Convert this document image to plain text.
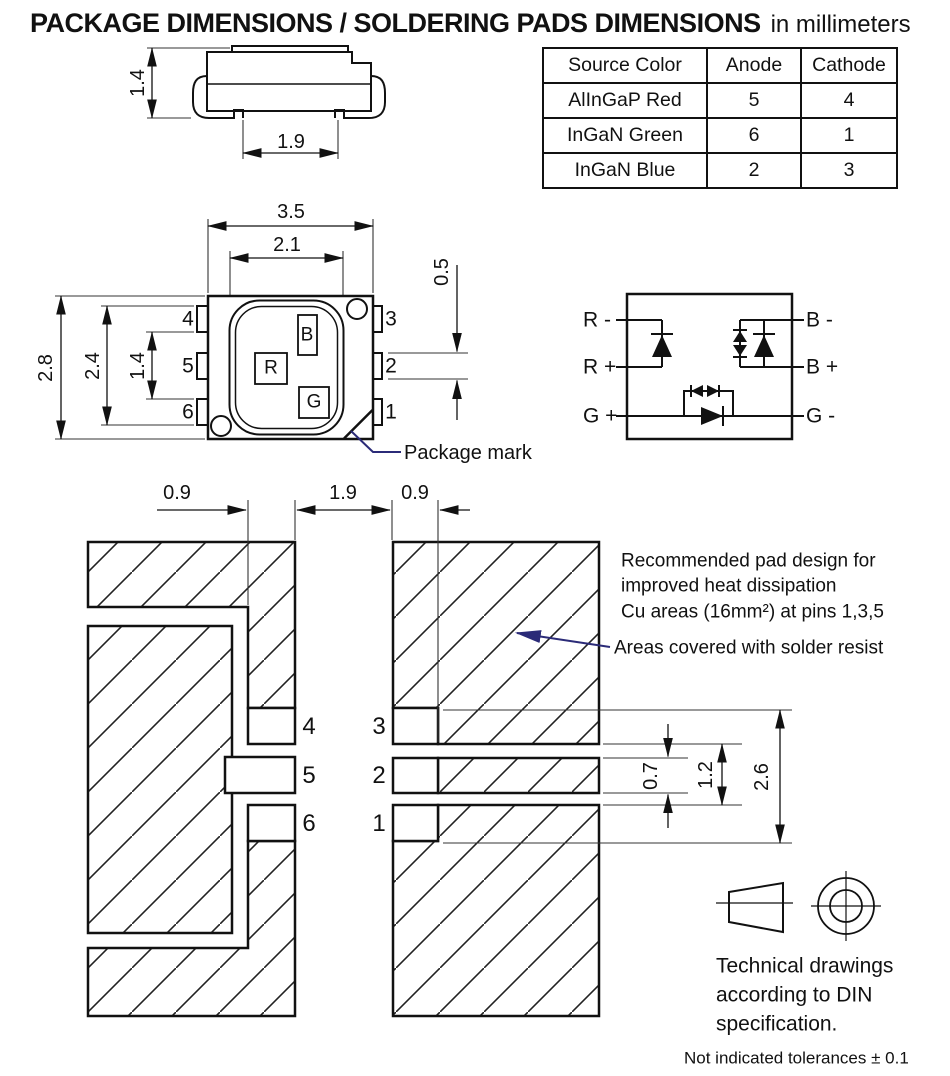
PACKAGE DIMENSIONS / SOLDERING PADS DIMENSIONS in millimeters
Source Color	Anode	Cathode
AlInGaP Red	5	4
InGaN Green	6	1
InGaN Blue	2	3
1.4
1.9
3.5
2.1
2.8 2.4 1.4
0.5
4
5
6
3
2
1
B
R
G
Package mark
R -
R +
G +
B -
B +
G -
0.9	1.9 0.9
0.7 1.2 2.6
4
5
6
3
2
1
Recommended pad design for
improved heat dissipation
Cu areas (16mm²) at pins 1,3,5
Areas covered with solder resist
Technical drawings
according to DIN
specification.
Not indicated tolerances ± 0.1
